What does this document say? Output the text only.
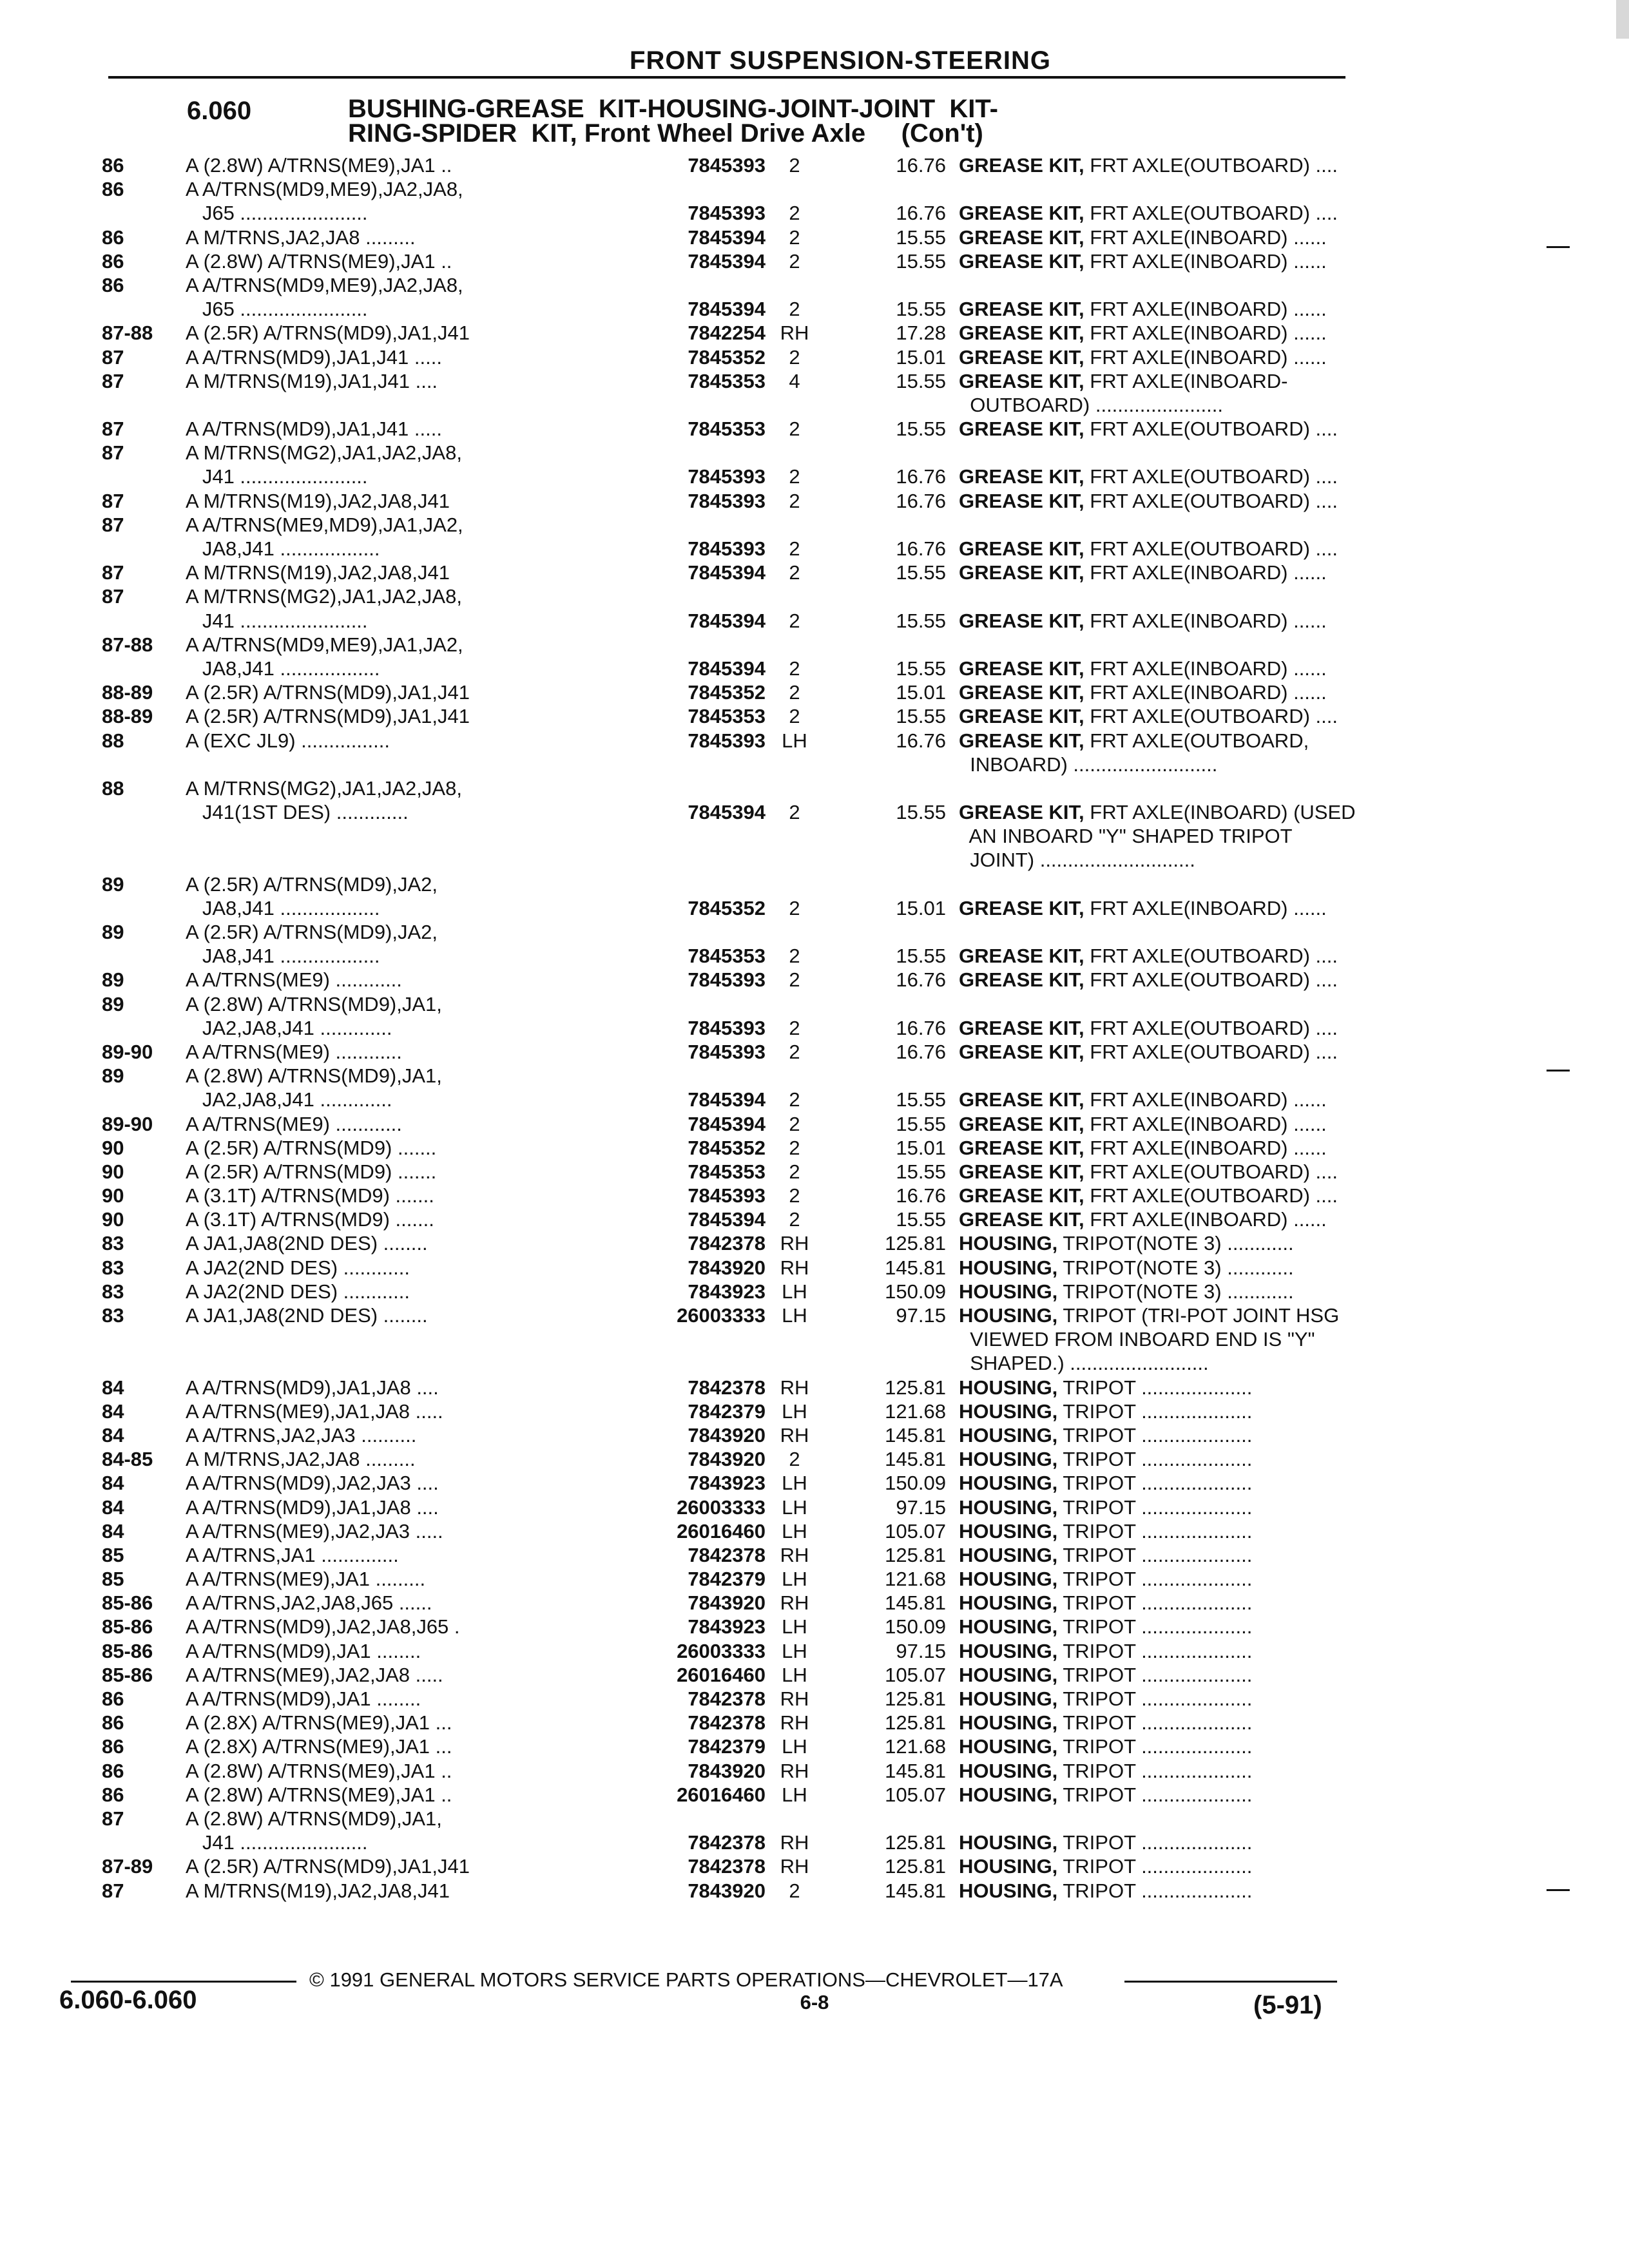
FRONT SUSPENSION-STEERING
6.060	BUSHING-GREASE  KIT-HOUSING-JOINT-JOINT  KIT-
RING-SPIDER  KIT, Front Wheel Drive Axle     (Con't)
86	A (2.8W) A/TRNS(ME9),JA1 ..	7845393	2	16.76 GREASE KIT, FRT AXLE(OUTBOARD) ....
86	A A/TRNS(MD9,ME9),JA2,JA8,
J65 .......................	7845393	2	16.76 GREASE KIT, FRT AXLE(OUTBOARD) ....
86	A M/TRNS,JA2,JA8 .........	7845394	2	15.55 GREASE KIT, FRT AXLE(INBOARD) ......
86	A (2.8W) A/TRNS(ME9),JA1 ..	7845394	2	15.55 GREASE KIT, FRT AXLE(INBOARD) ......
86	A A/TRNS(MD9,ME9),JA2,JA8,
J65 .......................	7845394	2	15.55 GREASE KIT, FRT AXLE(INBOARD) ......
87-88 A (2.5R) A/TRNS(MD9),JA1,J41	7842254 RH	17.28 GREASE KIT, FRT AXLE(INBOARD) ......
87	A A/TRNS(MD9),JA1,J41 .....	7845352	2	15.01 GREASE KIT, FRT AXLE(INBOARD) ......
87	A M/TRNS(M19),JA1,J41 ....	7845353	4	15.55 GREASE KIT, FRT AXLE(INBOARD-
OUTBOARD) .......................
87	A A/TRNS(MD9),JA1,J41 .....	7845353	2	15.55 GREASE KIT, FRT AXLE(OUTBOARD) ....
87	A M/TRNS(MG2),JA1,JA2,JA8,
J41 .......................	7845393	2	16.76 GREASE KIT, FRT AXLE(OUTBOARD) ....
87	A M/TRNS(M19),JA2,JA8,J41	7845393	2	16.76 GREASE KIT, FRT AXLE(OUTBOARD) ....
87	A A/TRNS(ME9,MD9),JA1,JA2,
JA8,J41 ..................	7845393	2	16.76 GREASE KIT, FRT AXLE(OUTBOARD) ....
87	A M/TRNS(M19),JA2,JA8,J41	7845394	2	15.55 GREASE KIT, FRT AXLE(INBOARD) ......
87	A M/TRNS(MG2),JA1,JA2,JA8,
J41 .......................	7845394	2	15.55 GREASE KIT, FRT AXLE(INBOARD) ......
87-88 A A/TRNS(MD9,ME9),JA1,JA2,
JA8,J41 ..................	7845394	2	15.55 GREASE KIT, FRT AXLE(INBOARD) ......
88-89 A (2.5R) A/TRNS(MD9),JA1,J41	7845352	2	15.01 GREASE KIT, FRT AXLE(INBOARD) ......
88-89 A (2.5R) A/TRNS(MD9),JA1,J41	7845353	2	15.55 GREASE KIT, FRT AXLE(OUTBOARD) ....
88	A (EXC JL9) ................	7845393 LH	16.76 GREASE KIT, FRT AXLE(OUTBOARD,
INBOARD) ..........................
88	A M/TRNS(MG2),JA1,JA2,JA8,
J41(1ST DES) .............	7845394	2	15.55 GREASE KIT, FRT AXLE(INBOARD) (USED
AN INBOARD "Y" SHAPED TRIPOT
JOINT) ............................
89	A (2.5R) A/TRNS(MD9),JA2,
JA8,J41 ..................	7845352	2	15.01 GREASE KIT, FRT AXLE(INBOARD) ......
89	A (2.5R) A/TRNS(MD9),JA2,
JA8,J41 ..................	7845353	2	15.55 GREASE KIT, FRT AXLE(OUTBOARD) ....
89	A A/TRNS(ME9) ............	7845393	2	16.76 GREASE KIT, FRT AXLE(OUTBOARD) ....
89	A (2.8W) A/TRNS(MD9),JA1,
JA2,JA8,J41 .............	7845393	2	16.76 GREASE KIT, FRT AXLE(OUTBOARD) ....
89-90 A A/TRNS(ME9) ............	7845393	2	16.76 GREASE KIT, FRT AXLE(OUTBOARD) ....
89	A (2.8W) A/TRNS(MD9),JA1,
JA2,JA8,J41 .............	7845394	2	15.55 GREASE KIT, FRT AXLE(INBOARD) ......
89-90 A A/TRNS(ME9) ............	7845394	2	15.55 GREASE KIT, FRT AXLE(INBOARD) ......
90	A (2.5R) A/TRNS(MD9) .......	7845352	2	15.01 GREASE KIT, FRT AXLE(INBOARD) ......
90	A (2.5R) A/TRNS(MD9) .......	7845353	2	15.55 GREASE KIT, FRT AXLE(OUTBOARD) ....
90	A (3.1T) A/TRNS(MD9) .......	7845393	2	16.76 GREASE KIT, FRT AXLE(OUTBOARD) ....
90	A (3.1T) A/TRNS(MD9) .......	7845394	2	15.55 GREASE KIT, FRT AXLE(INBOARD) ......
83	A JA1,JA8(2ND DES) ........	7842378 RH	125.81 HOUSING, TRIPOT(NOTE 3) ............
83	A JA2(2ND DES) ............	7843920 RH	145.81 HOUSING, TRIPOT(NOTE 3) ............
83	A JA2(2ND DES) ............	7843923 LH	150.09 HOUSING, TRIPOT(NOTE 3) ............
83	A JA1,JA8(2ND DES) ........	26003333 LH	97.15 HOUSING, TRIPOT (TRI-POT JOINT HSG
VIEWED FROM INBOARD END IS "Y"
SHAPED.) .........................
84	A A/TRNS(MD9),JA1,JA8 ....	7842378 RH	125.81 HOUSING, TRIPOT ....................
84	A A/TRNS(ME9),JA1,JA8 .....	7842379 LH	121.68 HOUSING, TRIPOT ....................
84	A A/TRNS,JA2,JA3 ..........	7843920 RH	145.81 HOUSING, TRIPOT ....................
84-85 A M/TRNS,JA2,JA8 .........	7843920	2	145.81 HOUSING, TRIPOT ....................
84	A A/TRNS(MD9),JA2,JA3 ....	7843923 LH	150.09 HOUSING, TRIPOT ....................
84	A A/TRNS(MD9),JA1,JA8 ....	26003333 LH	97.15 HOUSING, TRIPOT ....................
84	A A/TRNS(ME9),JA2,JA3 .....	26016460 LH	105.07 HOUSING, TRIPOT ....................
85	A A/TRNS,JA1 ..............	7842378 RH	125.81 HOUSING, TRIPOT ....................
85	A A/TRNS(ME9),JA1 .........	7842379 LH	121.68 HOUSING, TRIPOT ....................
85-86 A A/TRNS,JA2,JA8,J65 ......	7843920 RH	145.81 HOUSING, TRIPOT ....................
85-86 A A/TRNS(MD9),JA2,JA8,J65 .	7843923 LH	150.09 HOUSING, TRIPOT ....................
85-86 A A/TRNS(MD9),JA1 ........	26003333 LH	97.15 HOUSING, TRIPOT ....................
85-86 A A/TRNS(ME9),JA2,JA8 .....	26016460 LH	105.07 HOUSING, TRIPOT ....................
86	A A/TRNS(MD9),JA1 ........	7842378 RH	125.81 HOUSING, TRIPOT ....................
86	A (2.8X) A/TRNS(ME9),JA1 ...	7842378 RH	125.81 HOUSING, TRIPOT ....................
86	A (2.8X) A/TRNS(ME9),JA1 ...	7842379 LH	121.68 HOUSING, TRIPOT ....................
86	A (2.8W) A/TRNS(ME9),JA1 ..	7843920 RH	145.81 HOUSING, TRIPOT ....................
86	A (2.8W) A/TRNS(ME9),JA1 ..	26016460 LH	105.07 HOUSING, TRIPOT ....................
87	A (2.8W) A/TRNS(MD9),JA1,
J41 .......................	7842378 RH	125.81 HOUSING, TRIPOT ....................
87-89 A (2.5R) A/TRNS(MD9),JA1,J41	7842378 RH	125.81 HOUSING, TRIPOT ....................
87	A M/TRNS(M19),JA2,JA8,J41	7843920	2	145.81 HOUSING, TRIPOT ....................
© 1991 GENERAL MOTORS SERVICE PARTS OPERATIONS—CHEVROLET—17A
6.060-6.060	6-8	(5-91)
